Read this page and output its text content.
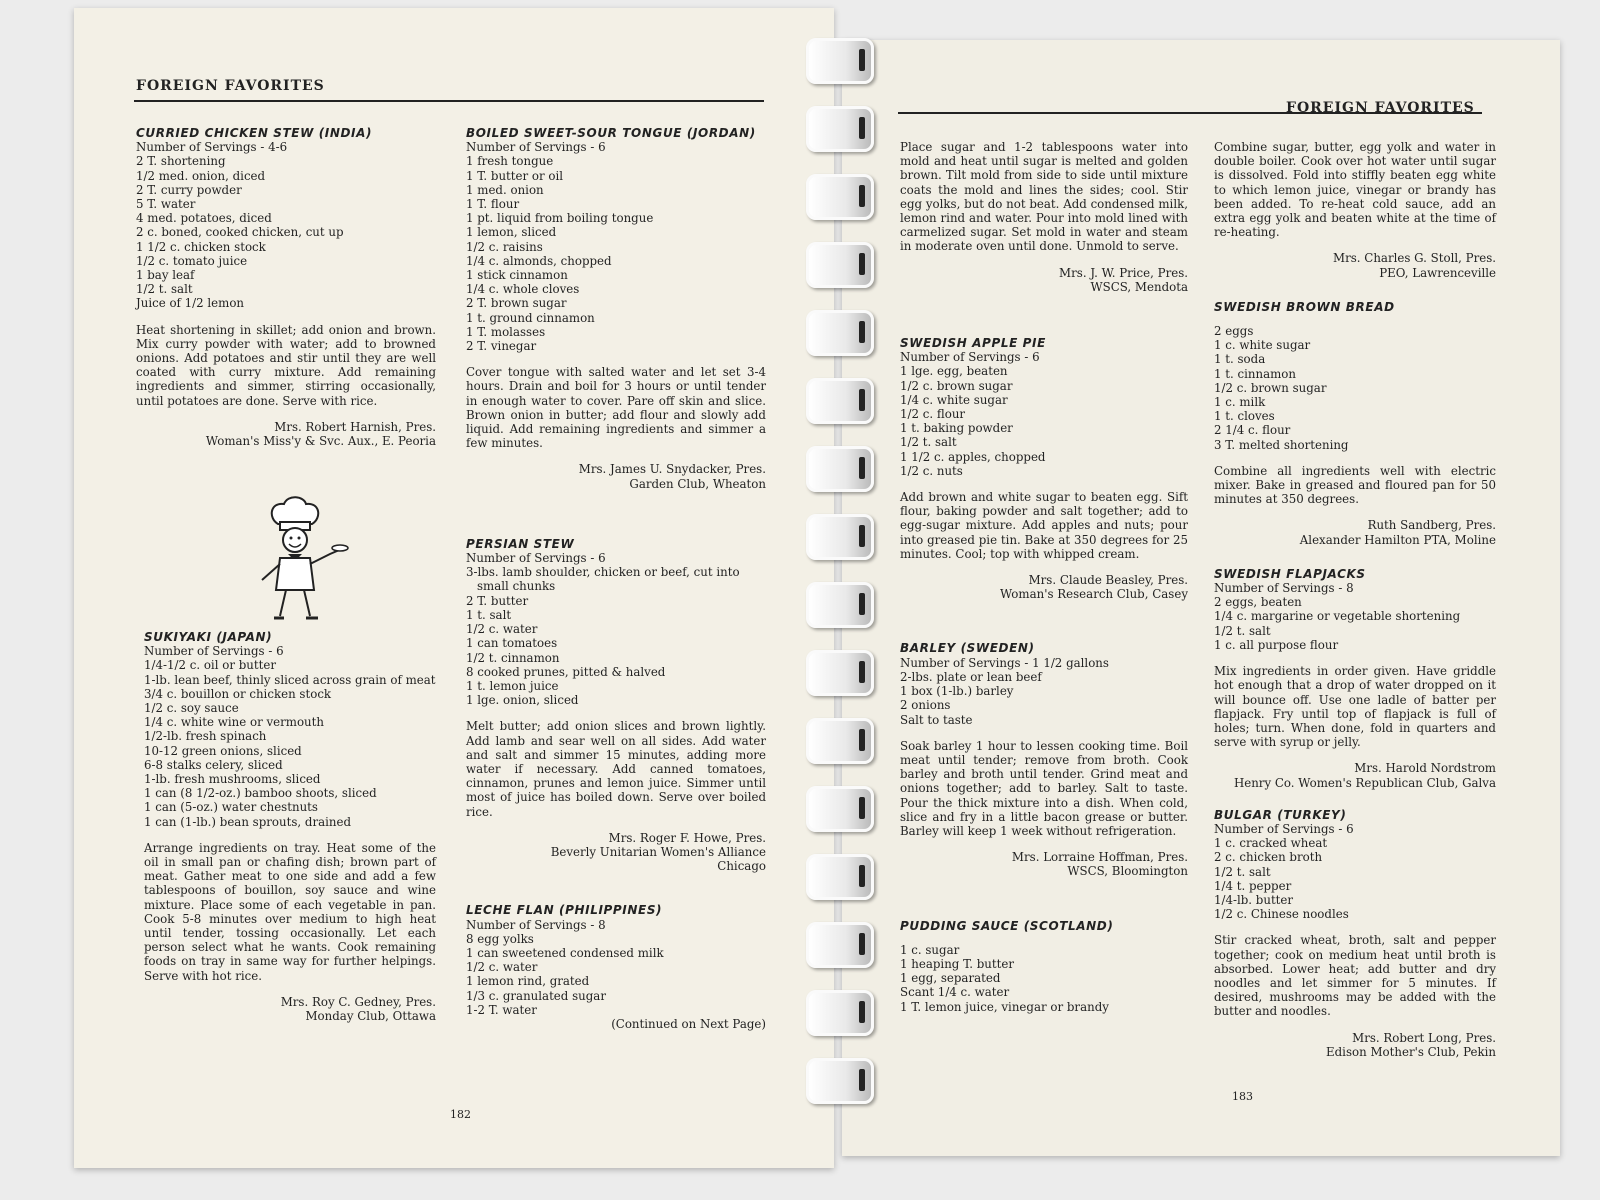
FOREIGN FAVORITES

CURRIED CHICKEN STEW (INDIA)

Number of Servings - 4-6

2 T. shortening
1/2 med. onion, diced
2 T. curry powder
5 T. water
4 med. potatoes, diced
2 c. boned, cooked chicken, cut up
1 1/2 c. chicken stock
1/2 c. tomato juice
1 bay leaf
1/2 t. salt
Juice of 1/2 lemon

Heat shortening in skillet; add onion and brown. Mix curry powder with water; add to browned onions. Add potatoes and stir until they are well coated with curry mixture. Add remaining ingredients and simmer, stirring occasionally, until potatoes are done. Serve with rice.

Mrs. Robert Harnish, Pres.

Woman's Miss'y & Svc. Aux., E. Peoria

SUKIYAKI (JAPAN)

Number of Servings - 6

1/4-1/2 c. oil or butter
1-lb. lean beef, thinly sliced across grain of meat
3/4 c. bouillon or chicken stock
1/2 c. soy sauce
1/4 c. white wine or vermouth
1/2-lb. fresh spinach
10-12 green onions, sliced
6-8 stalks celery, sliced
1-lb. fresh mushrooms, sliced
1 can (8 1/2-oz.) bamboo shoots, sliced
1 can (5-oz.) water chestnuts
1 can (1-lb.) bean sprouts, drained

Arrange ingredients on tray. Heat some of the oil in small pan or chafing dish; brown part of meat. Gather meat to one side and add a few tablespoons of bouillon, soy sauce and wine mixture. Place some of each vegetable in pan. Cook 5-8 minutes over medium to high heat until tender, tossing occasionally. Let each person select what he wants. Cook remaining foods on tray in same way for further helpings. Serve with hot rice.

Mrs. Roy C. Gedney, Pres.

Monday Club, Ottawa

BOILED SWEET-SOUR TONGUE (JORDAN)

Number of Servings - 6

1 fresh tongue
1 T. butter or oil
1 med. onion
1 T. flour
1 pt. liquid from boiling tongue
1 lemon, sliced
1/2 c. raisins
1/4 c. almonds, chopped
1 stick cinnamon
1/4 c. whole cloves
2 T. brown sugar
1 t. ground cinnamon
1 T. molasses
2 T. vinegar

Cover tongue with salted water and let set 3-4 hours. Drain and boil for 3 hours or until tender in enough water to cover. Pare off skin and slice. Brown onion in butter; add flour and slowly add liquid. Add remaining ingredients and simmer a few minutes.

Mrs. James U. Snydacker, Pres.

Garden Club, Wheaton

PERSIAN STEW

Number of Servings - 6

3-lbs. lamb shoulder, chicken or beef, cut into small chunks
2 T. butter
1 t. salt
1/2 c. water
1 can tomatoes
1/2 t. cinnamon
8 cooked prunes, pitted & halved
1 t. lemon juice
1 lge. onion, sliced

Melt butter; add onion slices and brown lightly. Add lamb and sear well on all sides. Add water and salt and simmer 15 minutes, adding more water if necessary. Add canned tomatoes, cinnamon, prunes and lemon juice. Simmer until most of juice has boiled down. Serve over boiled rice.

Mrs. Roger F. Howe, Pres.

Beverly Unitarian Women's Alliance

Chicago

LECHE FLAN (PHILIPPINES)

Number of Servings - 8

8 egg yolks
1 can sweetened condensed milk
1/2 c. water
1 lemon rind, grated
1/3 c. granulated sugar
1-2 T. water

(Continued on Next Page)

182
FOREIGN FAVORITES

Place sugar and 1-2 tablespoons water into mold and heat until sugar is melted and golden brown. Tilt mold from side to side until mixture coats the mold and lines the sides; cool. Stir egg yolks, but do not beat. Add condensed milk, lemon rind and water. Pour into mold lined with carmelized sugar. Set mold in water and steam in moderate oven until done. Unmold to serve.

Mrs. J. W. Price, Pres.

WSCS, Mendota

SWEDISH APPLE PIE

Number of Servings - 6

1 lge. egg, beaten
1/2 c. brown sugar
1/4 c. white sugar
1/2 c. flour
1 t. baking powder
1/2 t. salt
1 1/2 c. apples, chopped
1/2 c. nuts

Add brown and white sugar to beaten egg. Sift flour, baking powder and salt together; add to egg-sugar mixture. Add apples and nuts; pour into greased pie tin. Bake at 350 degrees for 25 minutes. Cool; top with whipped cream.

Mrs. Claude Beasley, Pres.

Woman's Research Club, Casey

BARLEY (SWEDEN)

Number of Servings - 1 1/2 gallons

2-lbs. plate or lean beef
1 box (1-lb.) barley
2 onions
Salt to taste

Soak barley 1 hour to lessen cooking time. Boil meat until tender; remove from broth. Cook barley and broth until tender. Grind meat and onions together; add to barley. Salt to taste. Pour the thick mixture into a dish. When cold, slice and fry in a little bacon grease or butter. Barley will keep 1 week without refrigeration.

Mrs. Lorraine Hoffman, Pres.

WSCS, Bloomington

PUDDING SAUCE (SCOTLAND)

1 c. sugar
1 heaping T. butter
1 egg, separated
Scant 1/4 c. water
1 T. lemon juice, vinegar or brandy

Combine sugar, butter, egg yolk and water in double boiler. Cook over hot water until sugar is dissolved. Fold into stiffly beaten egg white to which lemon juice, vinegar or brandy has been added. To re-heat cold sauce, add an extra egg yolk and beaten white at the time of re-heating.

Mrs. Charles G. Stoll, Pres.

PEO, Lawrenceville

SWEDISH BROWN BREAD

2 eggs
1 c. white sugar
1 t. soda
1 t. cinnamon
1/2 c. brown sugar
1 c. milk
1 t. cloves
2 1/4 c. flour
3 T. melted shortening

Combine all ingredients well with electric mixer. Bake in greased and floured pan for 50 minutes at 350 degrees.

Ruth Sandberg, Pres.

Alexander Hamilton PTA, Moline

SWEDISH FLAPJACKS

Number of Servings - 8

2 eggs, beaten
1/4 c. margarine or vegetable shortening
1/2 t. salt
1 c. all purpose flour

Mix ingredients in order given. Have griddle hot enough that a drop of water dropped on it will bounce off. Use one ladle of batter per flapjack. Fry until top of flapjack is full of holes; turn. When done, fold in quarters and serve with syrup or jelly.

Mrs. Harold Nordstrom

Henry Co. Women's Republican Club, Galva

BULGAR (TURKEY)

Number of Servings - 6

1 c. cracked wheat
2 c. chicken broth
1/2 t. salt
1/4 t. pepper
1/4-lb. butter
1/2 c. Chinese noodles

Stir cracked wheat, broth, salt and pepper together; cook on medium heat until broth is absorbed. Lower heat; add butter and dry noodles and let simmer for 5 minutes. If desired, mushrooms may be added with the butter and noodles.

Mrs. Robert Long, Pres.

Edison Mother's Club, Pekin

183
